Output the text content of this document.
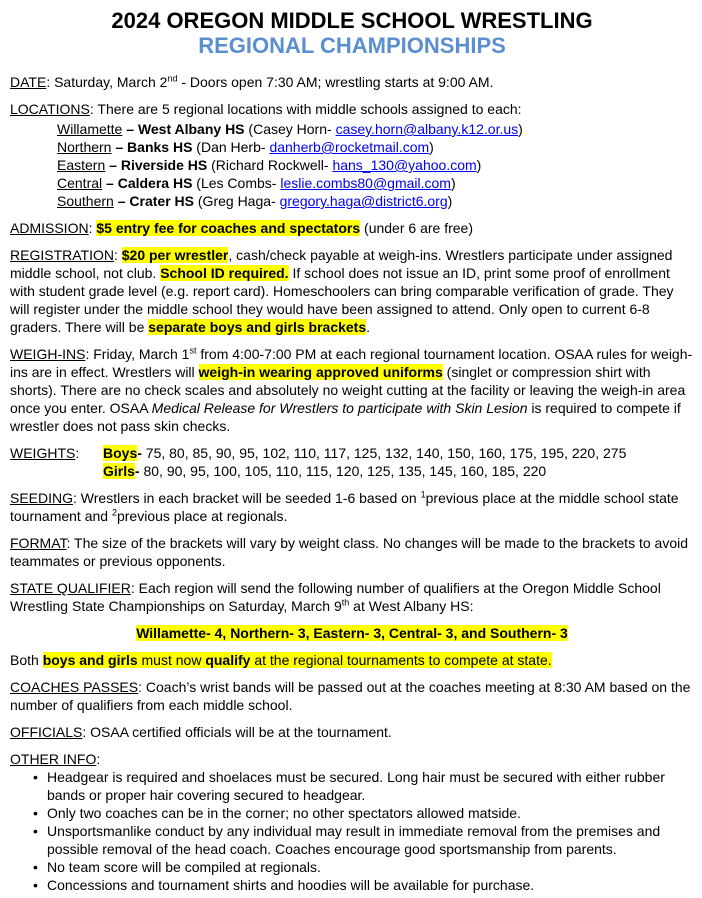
2024 OREGON MIDDLE SCHOOL WRESTLING
REGIONAL CHAMPIONSHIPS

DATE: Saturday, March 2nd - Doors open 7:30 AM; wrestling starts at 9:00 AM.

LOCATIONS: There are 5 regional locations with middle schools assigned to each:

Willamette – West Albany HS (Casey Horn- casey.horn@albany.k12.or.us)
Northern – Banks HS (Dan Herb- danherb@rocketmail.com)
Eastern – Riverside HS (Richard Rockwell- hans_130@yahoo.com)
Central – Caldera HS (Les Combs- leslie.combs80@gmail.com)
Southern – Crater HS (Greg Haga- gregory.haga@district6.org)

ADMISSION: $5 entry fee for coaches and spectators (under 6 are free)

REGISTRATION: $20 per wrestler, cash/check payable at weigh-ins. Wrestlers participate under assigned middle school, not club. School ID required. If school does not issue an ID, print some proof of enrollment with student grade level (e.g. report card). Homeschoolers can bring comparable verification of grade. They will register under the middle school they would have been assigned to attend. Only open to current 6-8 graders. There will be separate boys and girls brackets.

WEIGH-INS: Friday, March 1st from 4:00-7:00 PM at each regional tournament location. OSAA rules for weigh-ins are in effect. Wrestlers will weigh-in wearing approved uniforms (singlet or compression shirt with shorts). There are no check scales and absolutely no weight cutting at the facility or leaving the weigh-in area once you enter. OSAA Medical Release for Wrestlers to participate with Skin Lesion is required to compete if wrestler does not pass skin checks.

WEIGHTS:	Boys- 75, 80, 85, 90, 95, 102, 110, 117, 125, 132, 140, 150, 160, 175, 195, 220, 275
Girls- 80, 90, 95, 100, 105, 110, 115, 120, 125, 135, 145, 160, 185, 220

SEEDING: Wrestlers in each bracket will be seeded 1-6 based on $^1$previous place at the middle school state tournament and $^2$previous place at regionals.

FORMAT: The size of the brackets will vary by weight class. No changes will be made to the brackets to avoid teammates or previous opponents.

STATE QUALIFIER: Each region will send the following number of qualifiers at the Oregon Middle School Wrestling State Championships on Saturday, March 9th at West Albany HS:

Willamette- 4, Northern- 3, Eastern- 3, Central- 3, and Southern- 3

Both boys and girls must now qualify at the regional tournaments to compete at state.

COACHES PASSES: Coach’s wrist bands will be passed out at the coaches meeting at 8:30 AM based on the number of qualifiers from each middle school.

OFFICIALS: OSAA certified officials will be at the tournament.

OTHER INFO:

• Headgear is required and shoelaces must be secured. Long hair must be secured with either rubber bands or proper hair covering secured to headgear.
• Only two coaches can be in the corner; no other spectators allowed matside.
• Unsportsmanlike conduct by any individual may result in immediate removal from the premises and possible removal of the head coach. Coaches encourage good sportsmanship from parents.
• No team score will be compiled at regionals.
• Concessions and tournament shirts and hoodies will be available for purchase.
